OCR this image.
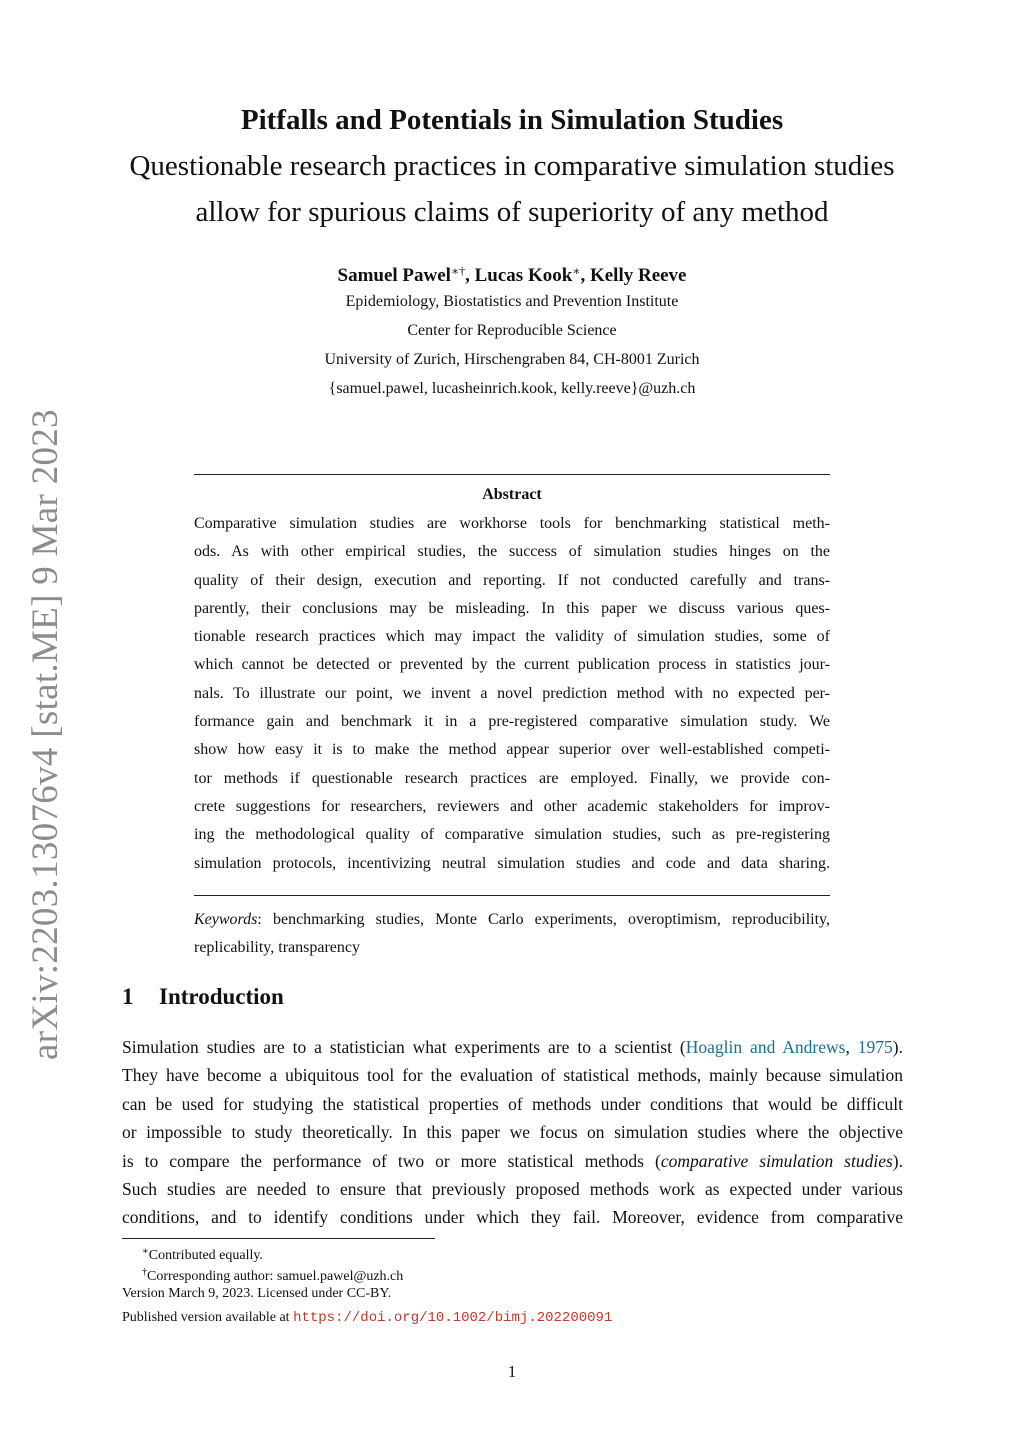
Pitfalls and Potentials in Simulation Studies
Questionable research practices in comparative simulation studies
allow for spurious claims of superiority of any method
Samuel Pawel∗†, Lucas Kook∗, Kelly Reeve
Epidemiology, Biostatistics and Prevention Institute
Center for Reproducible Science
University of Zurich, Hirschengraben 84, CH-8001 Zurich
{samuel.pawel, lucasheinrich.kook, kelly.reeve}@uzh.ch
arXiv:2203.13076v4 [stat.ME] 9 Mar 2023	Abstract
Comparative simulation studies are workhorse tools for benchmarking statistical meth-
ods. As with other empirical studies, the success of simulation studies hinges on the
quality of their design, execution and reporting. If not conducted carefully and trans-
parently, their conclusions may be misleading. In this paper we discuss various ques-
tionable research practices which may impact the validity of simulation studies, some of
which cannot be detected or prevented by the current publication process in statistics jour-
nals. To illustrate our point, we invent a novel prediction method with no expected per-
formance gain and benchmark it in a pre-registered comparative simulation study. We
show how easy it is to make the method appear superior over well-established competi-
tor methods if questionable research practices are employed. Finally, we provide con-
crete suggestions for researchers, reviewers and other academic stakeholders for improv-
ing the methodological quality of comparative simulation studies, such as pre-registering
simulation protocols, incentivizing neutral simulation studies and code and data sharing.
Keywords: benchmarking studies, Monte Carlo experiments, overoptimism, reproducibility,
replicability, transparency
1 Introduction
Simulation studies are to a statistician what experiments are to a scientist (Hoaglin and Andrews, 1975).
They have become a ubiquitous tool for the evaluation of statistical methods, mainly because simulation
can be used for studying the statistical properties of methods under conditions that would be difficult
or impossible to study theoretically. In this paper we focus on simulation studies where the objective
is to compare the performance of two or more statistical methods (comparative simulation studies).
Such studies are needed to ensure that previously proposed methods work as expected under various
conditions, and to identify conditions under which they fail. Moreover, evidence from comparative
∗Contributed equally.
†Corresponding author: samuel.pawel@uzh.ch
Version March 9, 2023. Licensed under CC-BY.
Published version available at https://doi.org/10.1002/bimj.202200091
1
